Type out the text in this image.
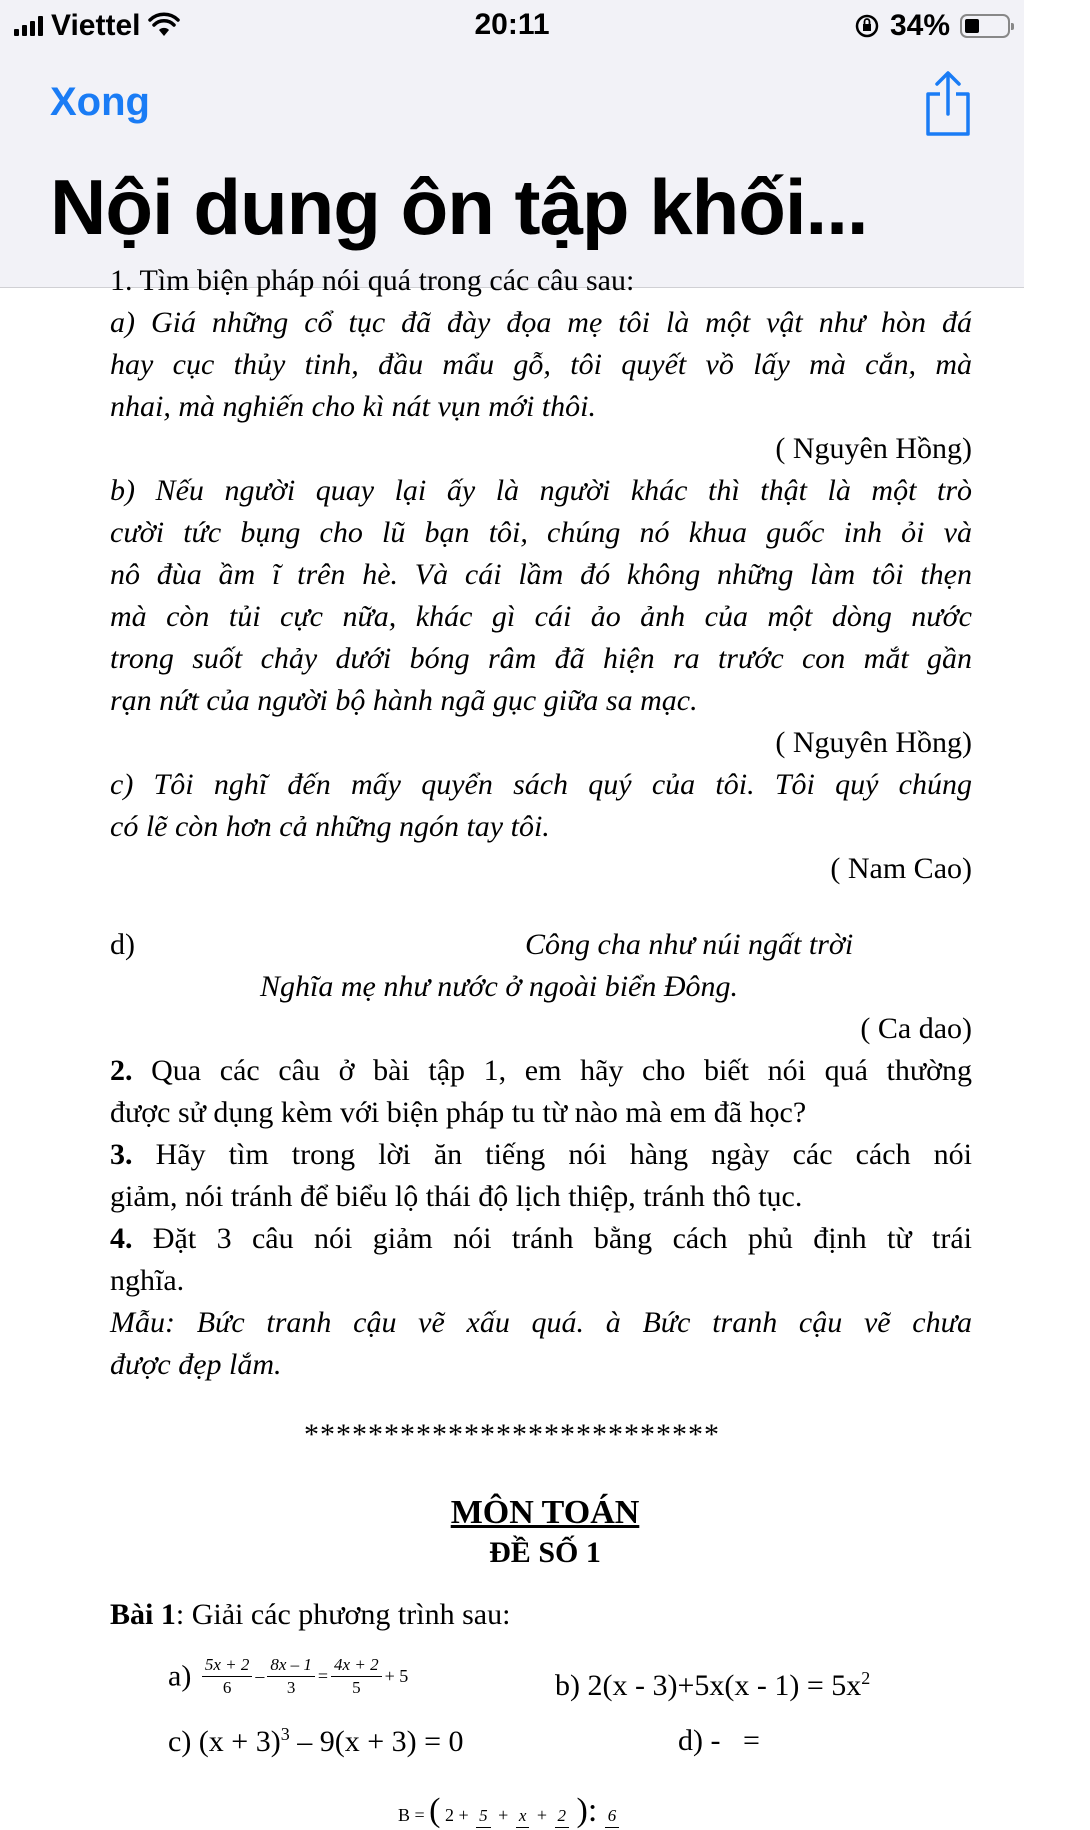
Viettel	20:11	34%
Xong
Nội dung ôn tập khối...
1. Tìm biện pháp nói quá trong các câu sau:
a) Giá những cổ tục đã đày đọa mẹ tôi là một vật như hòn đá
hay cục thủy tinh, đầu mẩu gỗ, tôi quyết vồ lấy mà cắn, mà
nhai, mà nghiến cho kì nát vụn mới thôi.
( Nguyên Hồng)
b) Nếu người quay lại ấy là người khác thì thật là một trò
cười tức bụng cho lũ bạn tôi, chúng nó khua guốc inh ỏi và
nô đùa ầm ĩ trên hè. Và cái lầm đó không những làm tôi thẹn
mà còn tủi cực nữa, khác gì cái ảo ảnh của một dòng nước
trong suốt chảy dưới bóng râm đã hiện ra trước con mắt gần
rạn nứt của người bộ hành ngã gục giữa sa mạc.
( Nguyên Hồng)
c) Tôi nghĩ đến mấy quyển sách quý của tôi. Tôi quý chúng
có lẽ còn hơn cả những ngón tay tôi.
( Nam Cao)
d)	Công cha như núi ngất trời
Nghĩa mẹ như nước ở ngoài biển Đông.
( Ca dao)
2. Qua các câu ở bài tập 1, em hãy cho biết nói quá thường
được sử dụng kèm với biện pháp tu từ nào mà em đã học?
3. Hãy tìm trong lời ăn tiếng nói hàng ngày các cách nói
giảm, nói tránh để biểu lộ thái độ lịch thiệp, tránh thô tục.
4. Đặt 3 câu nói giảm nói tránh bằng cách phủ định từ trái
nghĩa.
Mẫu: Bức tranh cậu vẽ xấu quá. à Bức tranh cậu vẽ chưa
được đẹp lắm.
**************************
MÔN TOÁN
ĐỀ SỐ 1
Bài 1: Giải các phương trình sau:
$a) \frac{5x + 2}{6} - \frac{8x - 1}{3} = \frac{4x + 2}{5} + 5$	b) $2(x - 3)+5x(x - 1) = 5x^2$
c) $(x + 3)^3 - 9(x + 3) = 0$	d) -   =
B = ( 2 + 5 + x + 2 ): 6
